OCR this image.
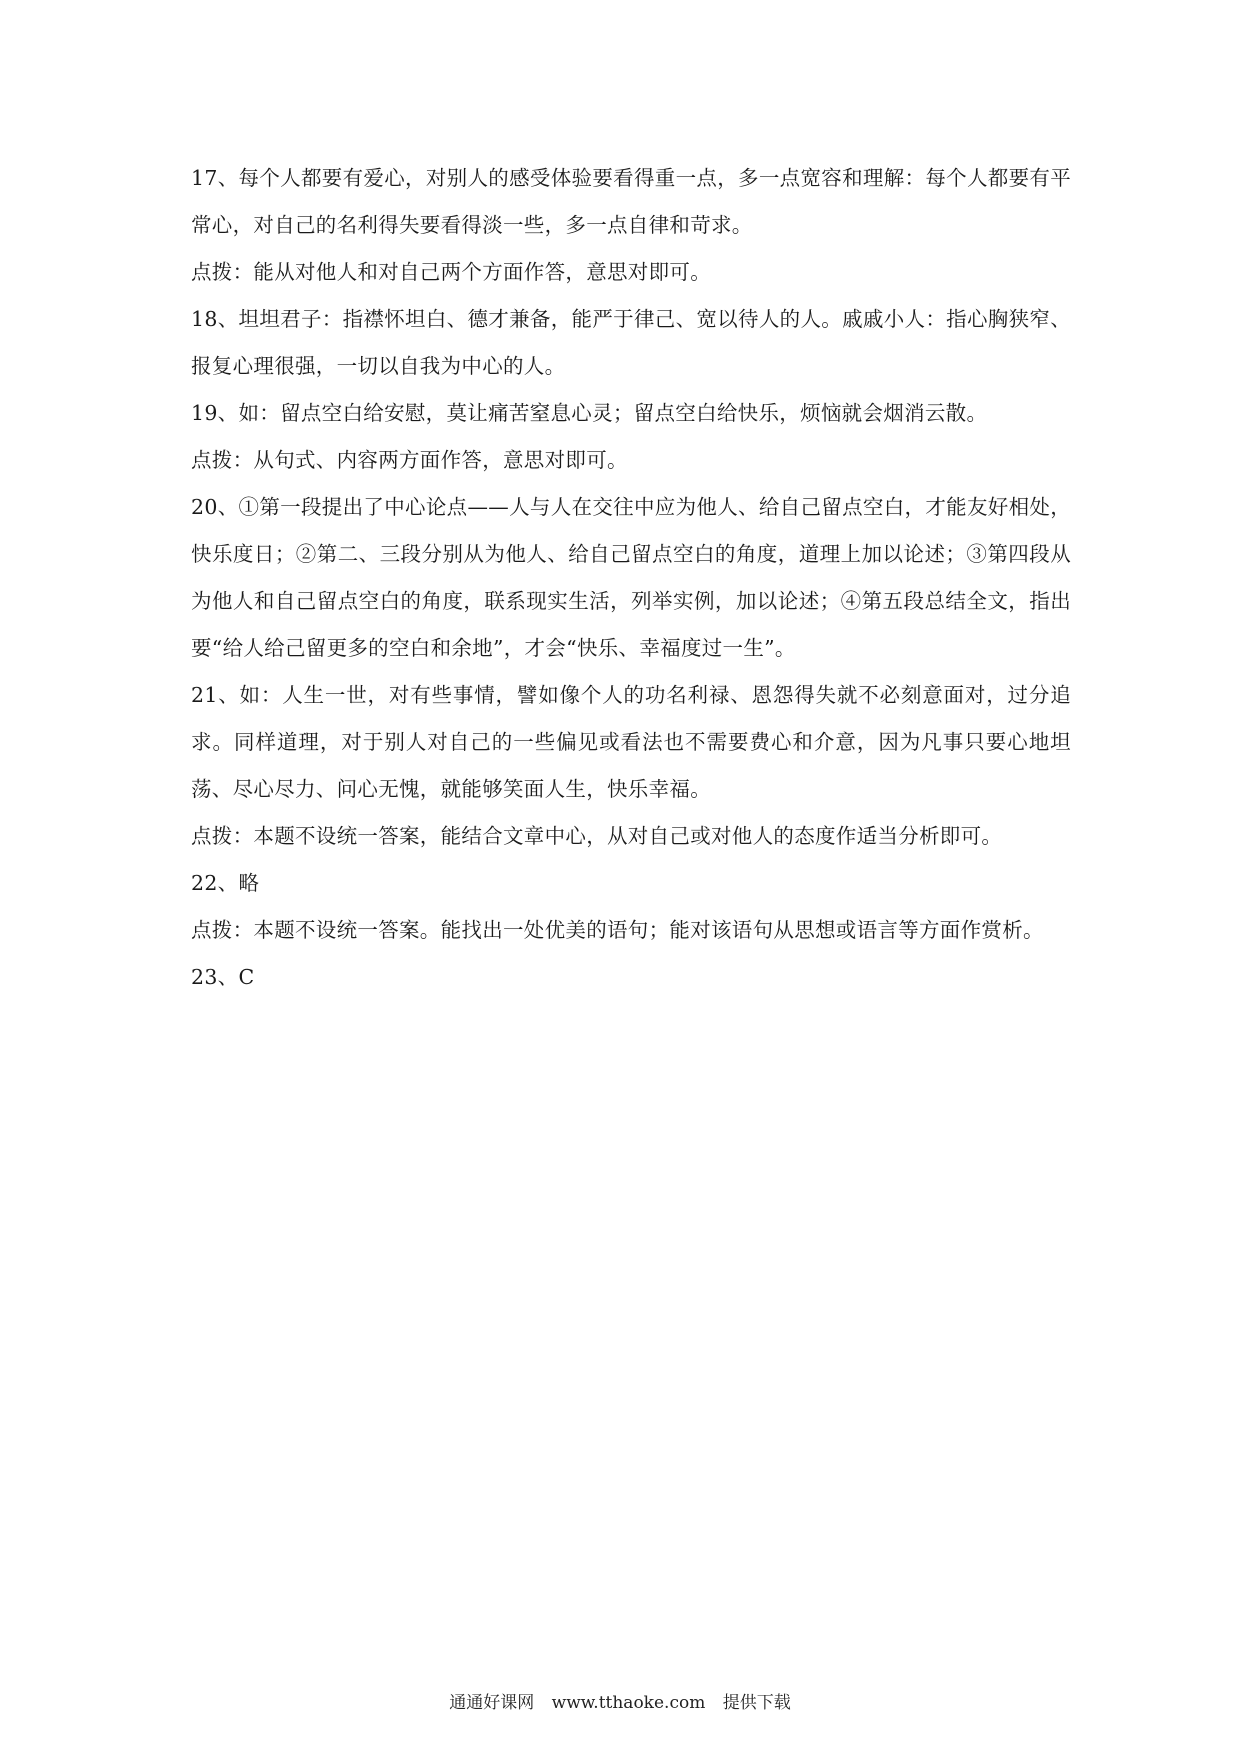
17、每个人都要有爱心，对别人的感受体验要看得重一点，多一点宽容和理解：每个人都要有平常心，对自己的名利得失要看得淡一些，多一点自律和苛求。

点拨：能从对他人和对自己两个方面作答，意思对即可。

18、坦坦君子：指襟怀坦白、德才兼备，能严于律己、宽以待人的人。戚戚小人：指心胸狭窄、报复心理很强，一切以自我为中心的人。

19、如：留点空白给安慰，莫让痛苦窒息心灵；留点空白给快乐，烦恼就会烟消云散。

点拨：从句式、内容两方面作答，意思对即可。

20、①第一段提出了中心论点——人与人在交往中应为他人、给自己留点空白，才能友好相处，快乐度日；②第二、三段分别从为他人、给自己留点空白的角度，道理上加以论述；③第四段从为他人和自己留点空白的角度，联系现实生活，列举实例，加以论述；④第五段总结全文，指出要“给人给己留更多的空白和余地”，才会“快乐、幸福度过一生”。

21、如：人生一世，对有些事情，譬如像个人的功名利禄、恩怨得失就不必刻意面对，过分追求。同样道理，对于别人对自己的一些偏见或看法也不需要费心和介意，因为凡事只要心地坦荡、尽心尽力、问心无愧，就能够笑面人生，快乐幸福。

点拨：本题不设统一答案，能结合文章中心，从对自己或对他人的态度作适当分析即可。

22、略

点拨：本题不设统一答案。能找出一处优美的语句；能对该语句从思想或语言等方面作赏析。

23、C

通通好课网 www.tthaoke.com 提供下载
